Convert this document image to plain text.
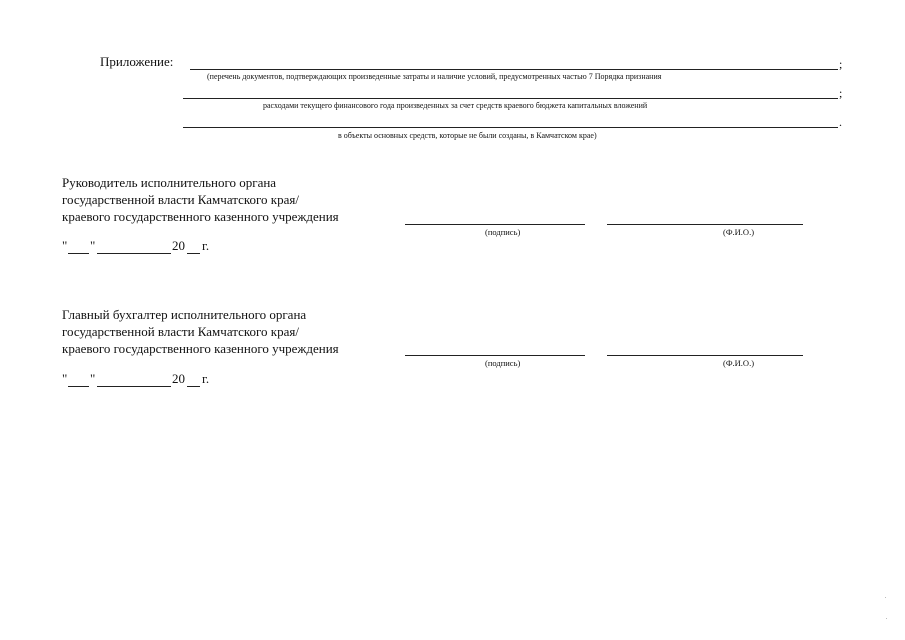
Приложение:	;
(перечень документов, подтверждающих произведенные затраты и наличие условий, предусмотренных частью 7 Порядка признания
;
расходами текущего финансового года произведенных за счет средств краевого бюджета капитальных вложений
.
в объекты основных средств, которые не были созданы, в Камчатском крае)
Руководитель исполнительного органа
государственной власти Камчатского края/
краевого государственного казенного учреждения
(подпись)	(Ф.И.О.)
" "	20 г.
Главный бухгалтер исполнительного органа
государственной власти Камчатского края/
краевого государственного казенного учреждения
(подпись)	(Ф.И.О.)
" "	20 г.
